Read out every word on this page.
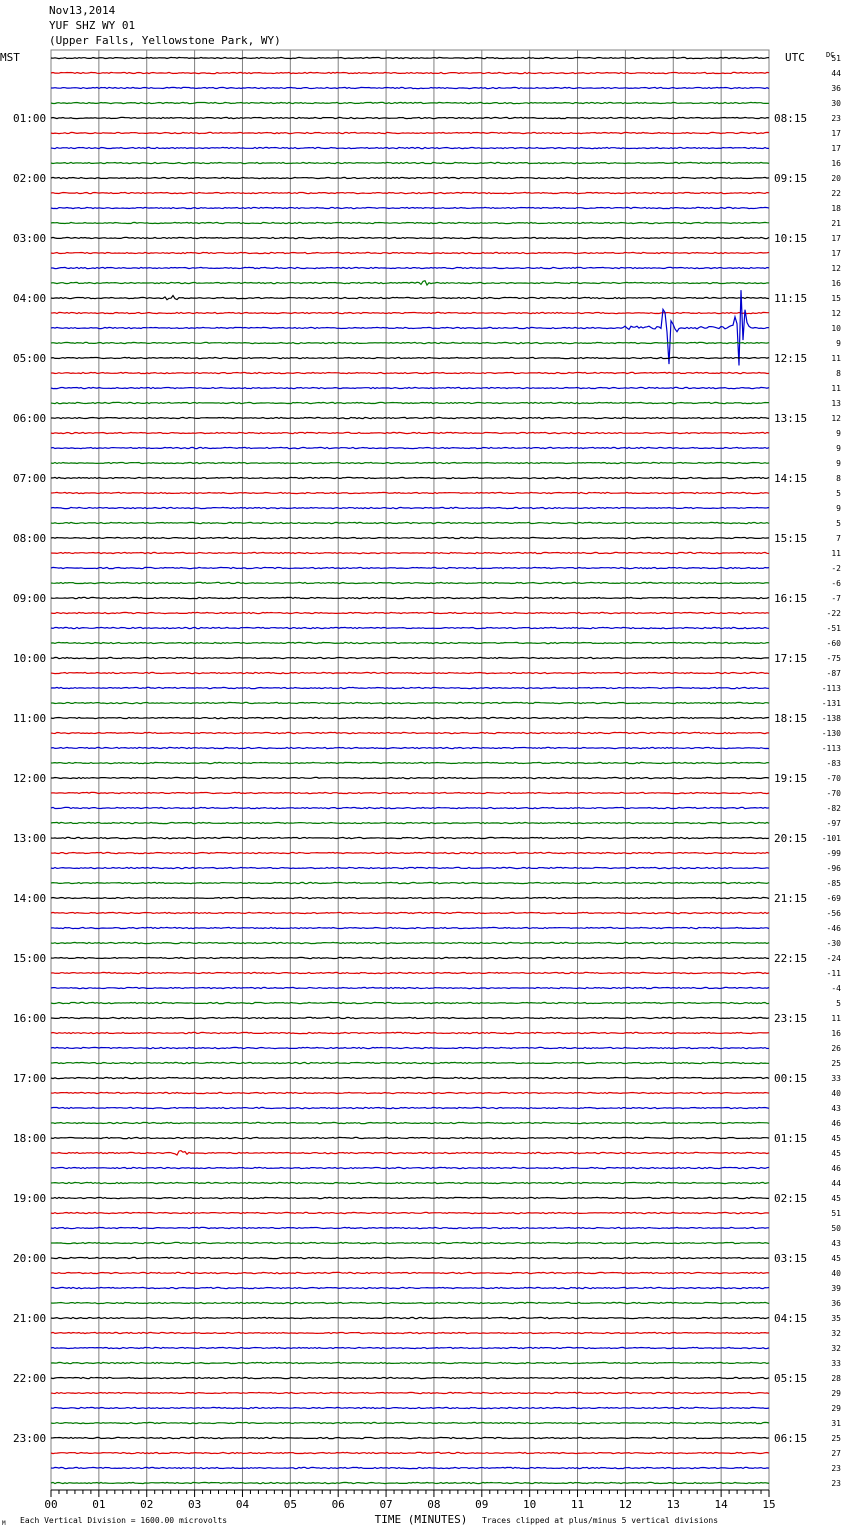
Nov13,2014
YUF SHZ WY 01
(Upper Falls, Yellowstone Park, WY)
51
44
36
30
23
17
17
16
20
22
18
21
17
17
12
16
15
12
10
9
11
8
11
13
12
9
9
9
8
5
9
5
7
11
-2
-6
-7
-22
-51
-60
-75
-87
-113
-131
-138
-130
-113
-83
-70
-70
-82
-97
-101
-99
-96
-85
-69
-56
-46
-30
-24
-11
-4
5
11
16
26
25
33
40
43
46
45
45
46
44
45
51
50
43
45
40
39
36
35
32
32
33
28
29
29
31
25
27
23
23
01:00
02:00
03:00
04:00
05:00
06:00
07:00
08:00
09:00
10:00
11:00
12:00
13:00
14:00
15:00
16:00
17:00
18:00
19:00
20:00
21:00
22:00
23:00
08:15
09:15
10:15
11:15
12:15
13:15
14:15
15:15
16:15
17:15
18:15
19:15
20:15
21:15
22:15
23:15
00:15
01:15
02:15
03:15
04:15
05:15
06:15
MST	UTC	DC
00	01	02	03	04	05	06	07	08	09	10	11	12	13	14	15
TIME (MINUTES)
Each Vertical Division = 1600.00 microvolts	Traces clipped at plus/minus 5 vertical divisions
M
